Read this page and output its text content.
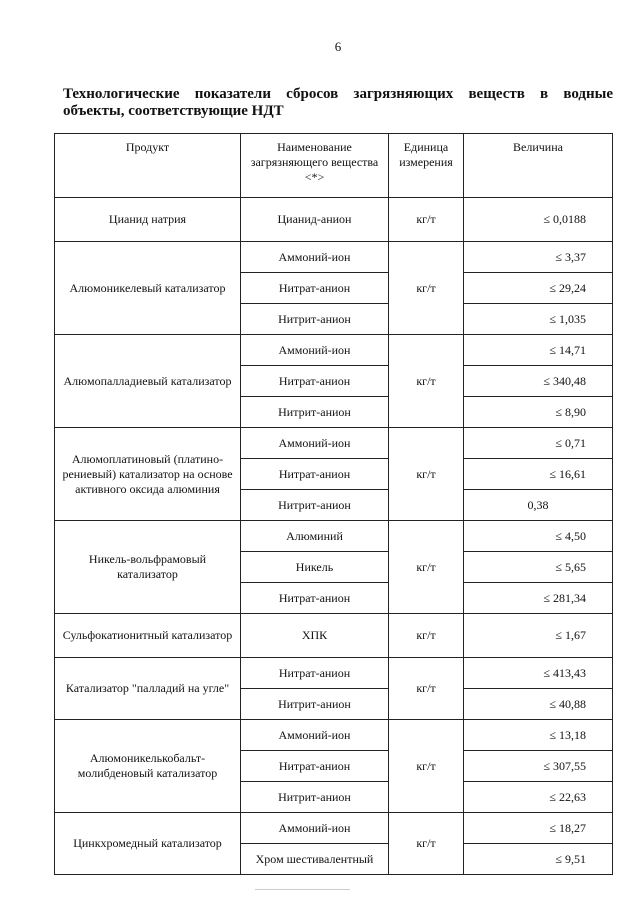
6
Технологические показатели сбросов загрязняющих веществ в водные
объекты, соответствующие НДТ
Продукт	Наименование загрязняющего вещества <*>	Единица измерения	Величина
Цианид натрия	Цианид-анион	кг/т	≤ 0,0188
Алюмоникелевый катализатор	Аммоний-ион	кг/т	≤ 3,37
	Нитрат-анион		≤ 29,24
	Нитрит-анион		≤ 1,035
Алюмопалладиевый катализатор	Аммоний-ион	кг/т	≤ 14,71
	Нитрат-анион		≤ 340,48
	Нитрит-анион		≤ 8,90
Алюмоплатиновый (платино-рениевый) катализатор на основе активного оксида алюминия	Аммоний-ион	кг/т	≤ 0,71
	Нитрат-анион		≤ 16,61
	Нитрит-анион		0,38
Никель-вольфрамовый катализатор	Алюминий	кг/т	≤ 4,50
	Никель		≤ 5,65
	Нитрат-анион		≤ 281,34
Сульфокатионитный катализатор	ХПК	кг/т	≤ 1,67
Катализатор "палладий на угле"	Нитрат-анион	кг/т	≤ 413,43
	Нитрит-анион		≤ 40,88
Алюмоникелькобальт-молибденовый катализатор	Аммоний-ион	кг/т	≤ 13,18
	Нитрат-анион		≤ 307,55
	Нитрит-анион		≤ 22,63
Цинкхромедный катализатор	Аммоний-ион	кг/т	≤ 18,27
	Хром шестивалентный		≤ 9,51
